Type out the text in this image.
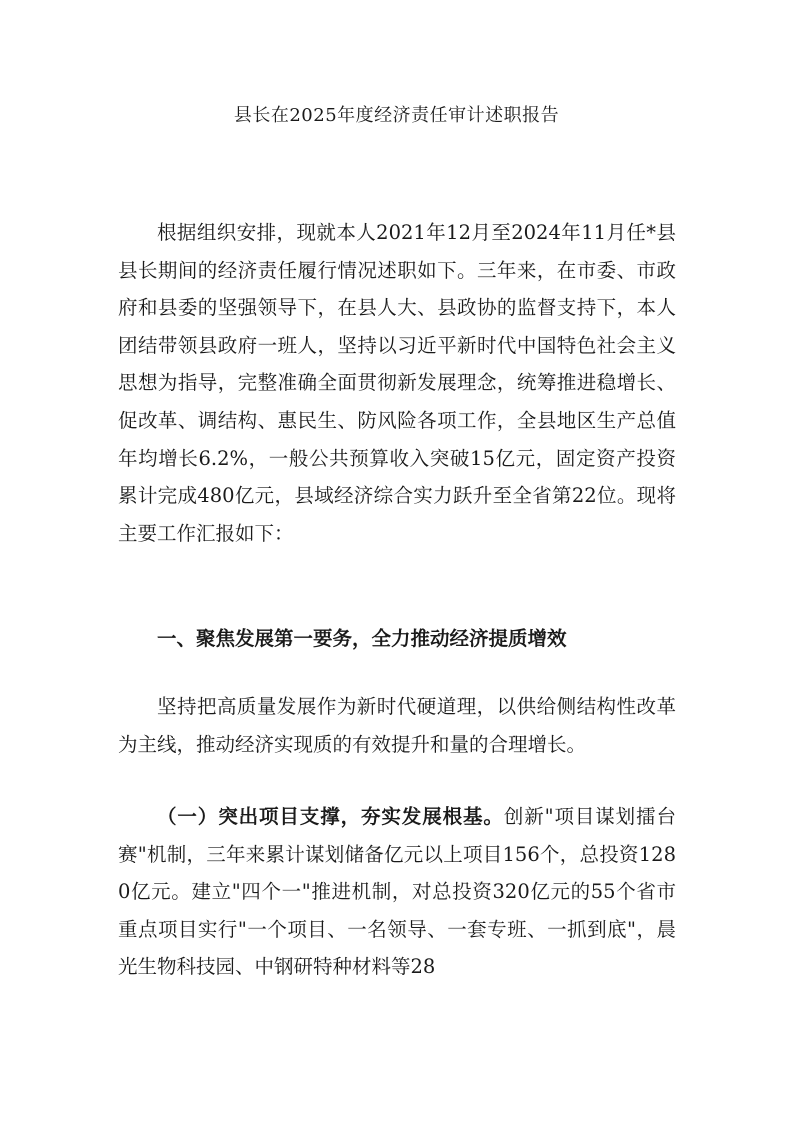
县长在2025年度经济责任审计述职报告

根据组织安排，现就本人2021年12月至2024年11月任*县县长期间的经济责任履行情况述职如下。三年来，在市委、市政府和县委的坚强领导下，在县人大、县政协的监督支持下，本人团结带领县政府一班人，坚持以习近平新时代中国特色社会主义思想为指导，完整准确全面贯彻新发展理念，统筹推进稳增长、促改革、调结构、惠民生、防风险各项工作，全县地区生产总值年均增长6.2%，一般公共预算收入突破15亿元，固定资产投资累计完成480亿元，县域经济综合实力跃升至全省第22位。现将主要工作汇报如下：

一、聚焦发展第一要务，全力推动经济提质增效

坚持把高质量发展作为新时代硬道理，以供给侧结构性改革为主线，推动经济实现质的有效提升和量的合理增长。

（一）突出项目支撑，夯实发展根基。创新"项目谋划擂台赛"机制，三年来累计谋划储备亿元以上项目156个，总投资1280亿元。建立"四个一"推进机制，对总投资320亿元的55个省市重点项目实行"一个项目、一名领导、一套专班、一抓到底"，晨光生物科技园、中钢研特种材料等28
